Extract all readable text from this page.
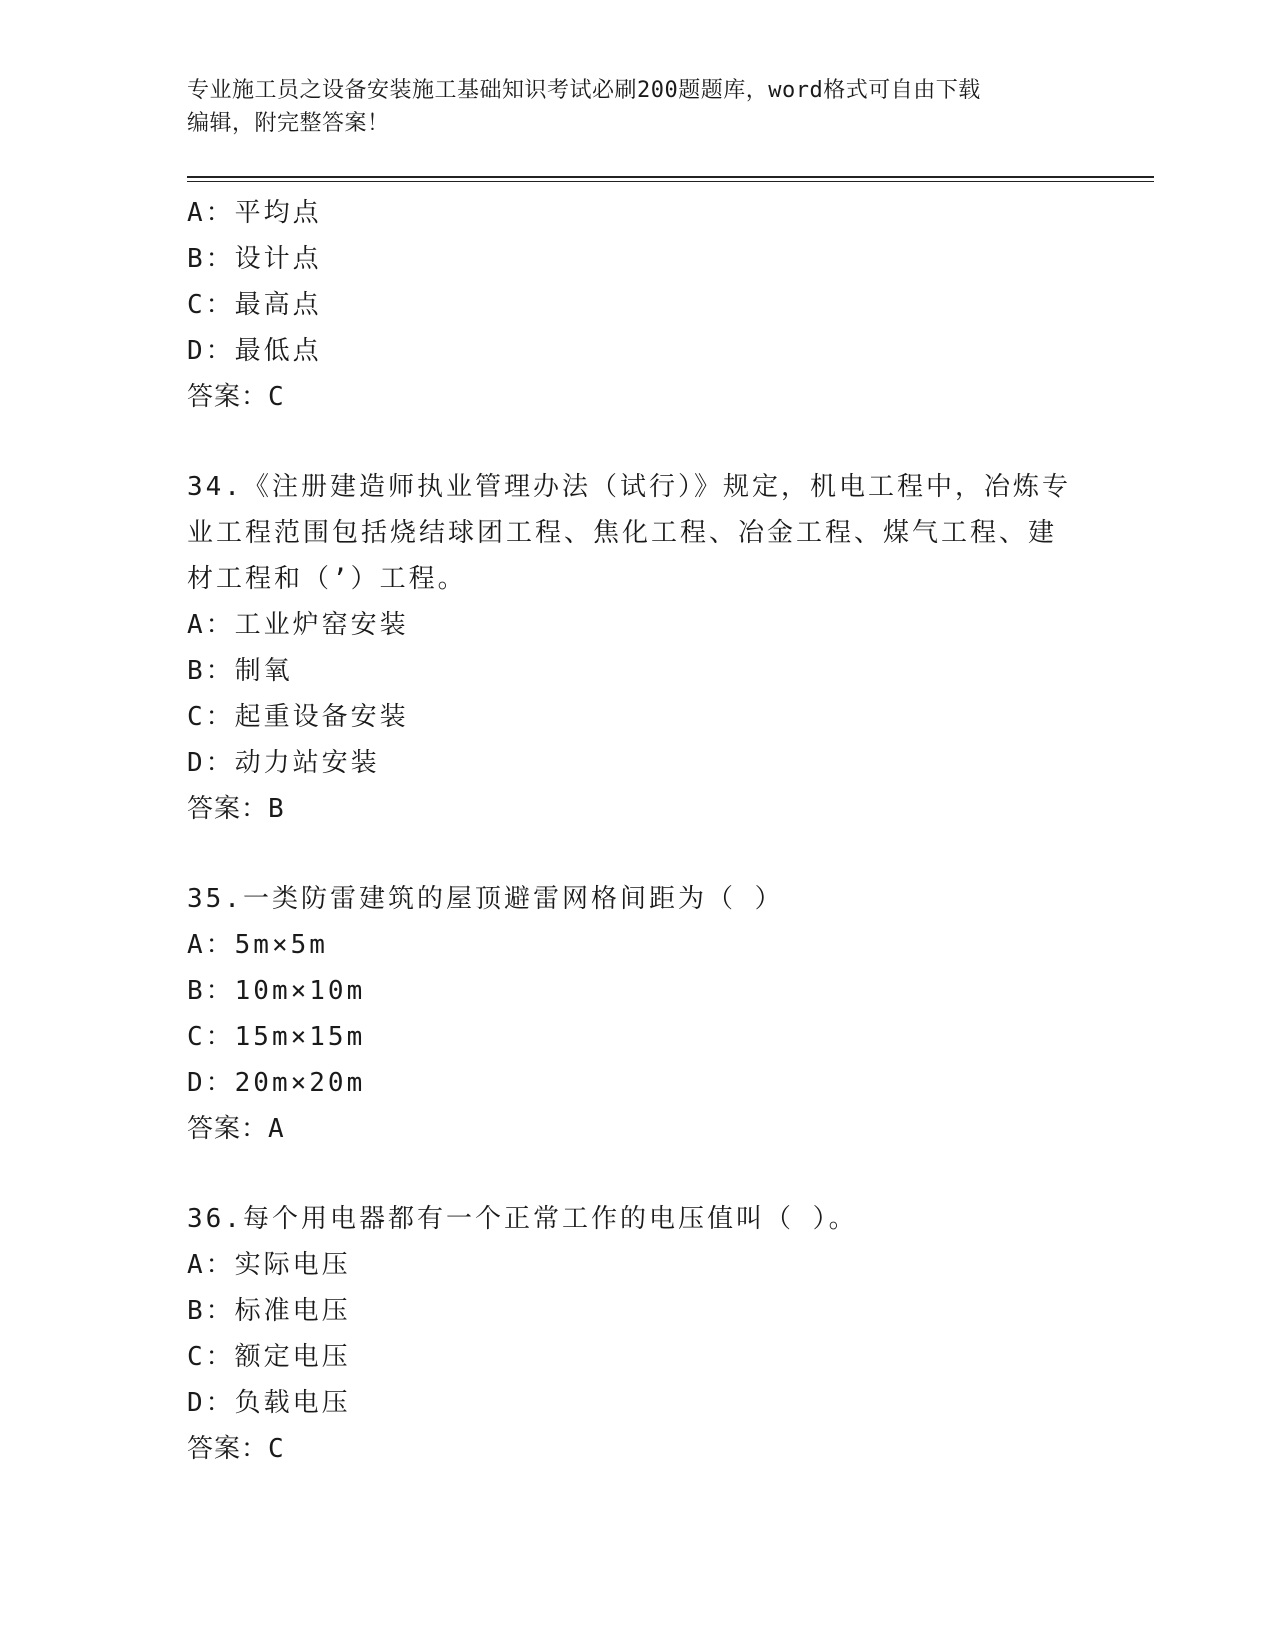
专业施工员之设备安装施工基础知识考试必刷200题题库，word格式可自由下载
编辑，附完整答案！
A：平均点
B：设计点
C：最高点
D：最低点
答案：C
34.《注册建造师执业管理办法（试行）》规定，机电工程中，冶炼专
业工程范围包括烧结球团工程、焦化工程、冶金工程、煤气工程、建
材工程和（’）工程。
A：工业炉窑安装
B：制氧
C：起重设备安装
D：动力站安装
答案：B
35.一类防雷建筑的屋顶避雷网格间距为（ ）
A：5m×5m
B：10m×10m
C：15m×15m
D：20m×20m
答案：A
36.每个用电器都有一个正常工作的电压值叫（ ）。
A：实际电压
B：标准电压
C：额定电压
D：负载电压
答案：C
